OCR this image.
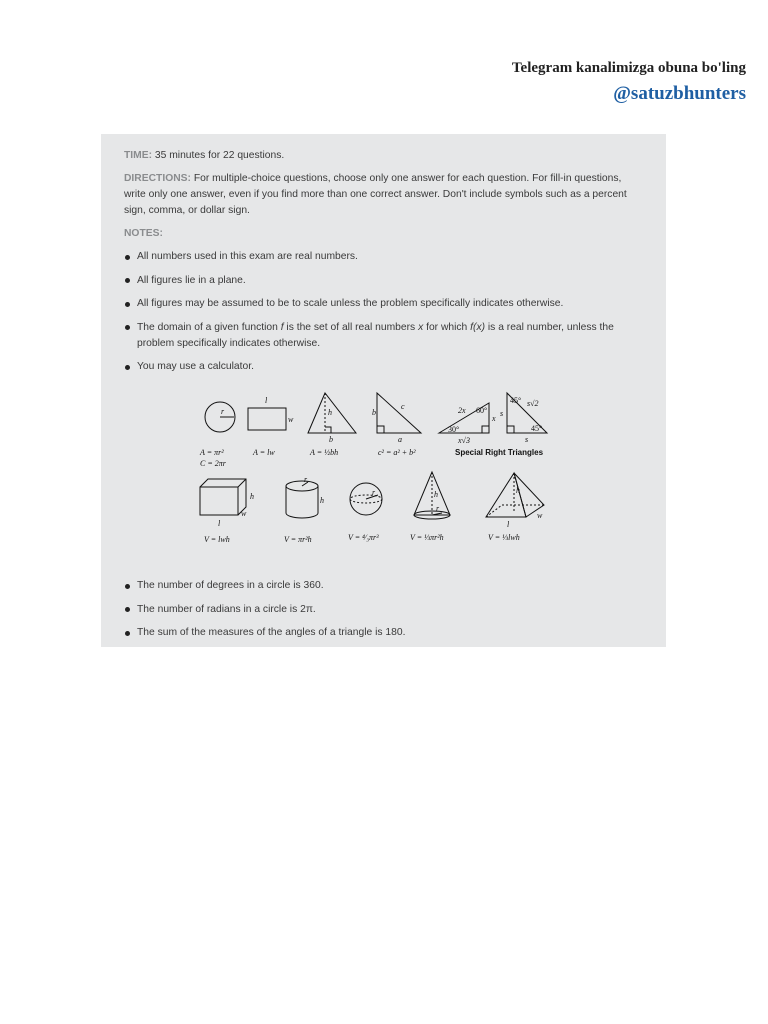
Telegram kanalimizga obuna bo'ling
@satuzbhunters

TIME: 35 minutes for 22 questions.

DIRECTIONS: For multiple-choice questions, choose only one answer for each question. For fill-in questions, write only one answer, even if you find more than one correct answer. Don't include symbols such as a percent sign, comma, or dollar sign.

NOTES:

All numbers used in this exam are real numbers.
All figures lie in a plane.
All figures may be assumed to be to scale unless the problem specifically indicates otherwise.
The domain of a given function f is the set of all real numbers x for which f(x) is a real number, unless the problem specifically indicates otherwise.
You may use a calculator.
r
l
w
h
b
b
c
a
2x 60°
30°
x
x√3
45°
45°
s
s
s√2
h
w
l
h
r
r	h
r
h
w
l
A = πr²
C = 2πr
A = lw	A = ½bh	c² = a² + b²	Special Right Triangles
V = lwh	V = πr²h	V = ⁴⁄₃πr³	V = ⅓πr²h	V = ⅓lwh
The number of degrees in a circle is 360.
The number of radians in a circle is 2π.
The sum of the measures of the angles of a triangle is 180.
